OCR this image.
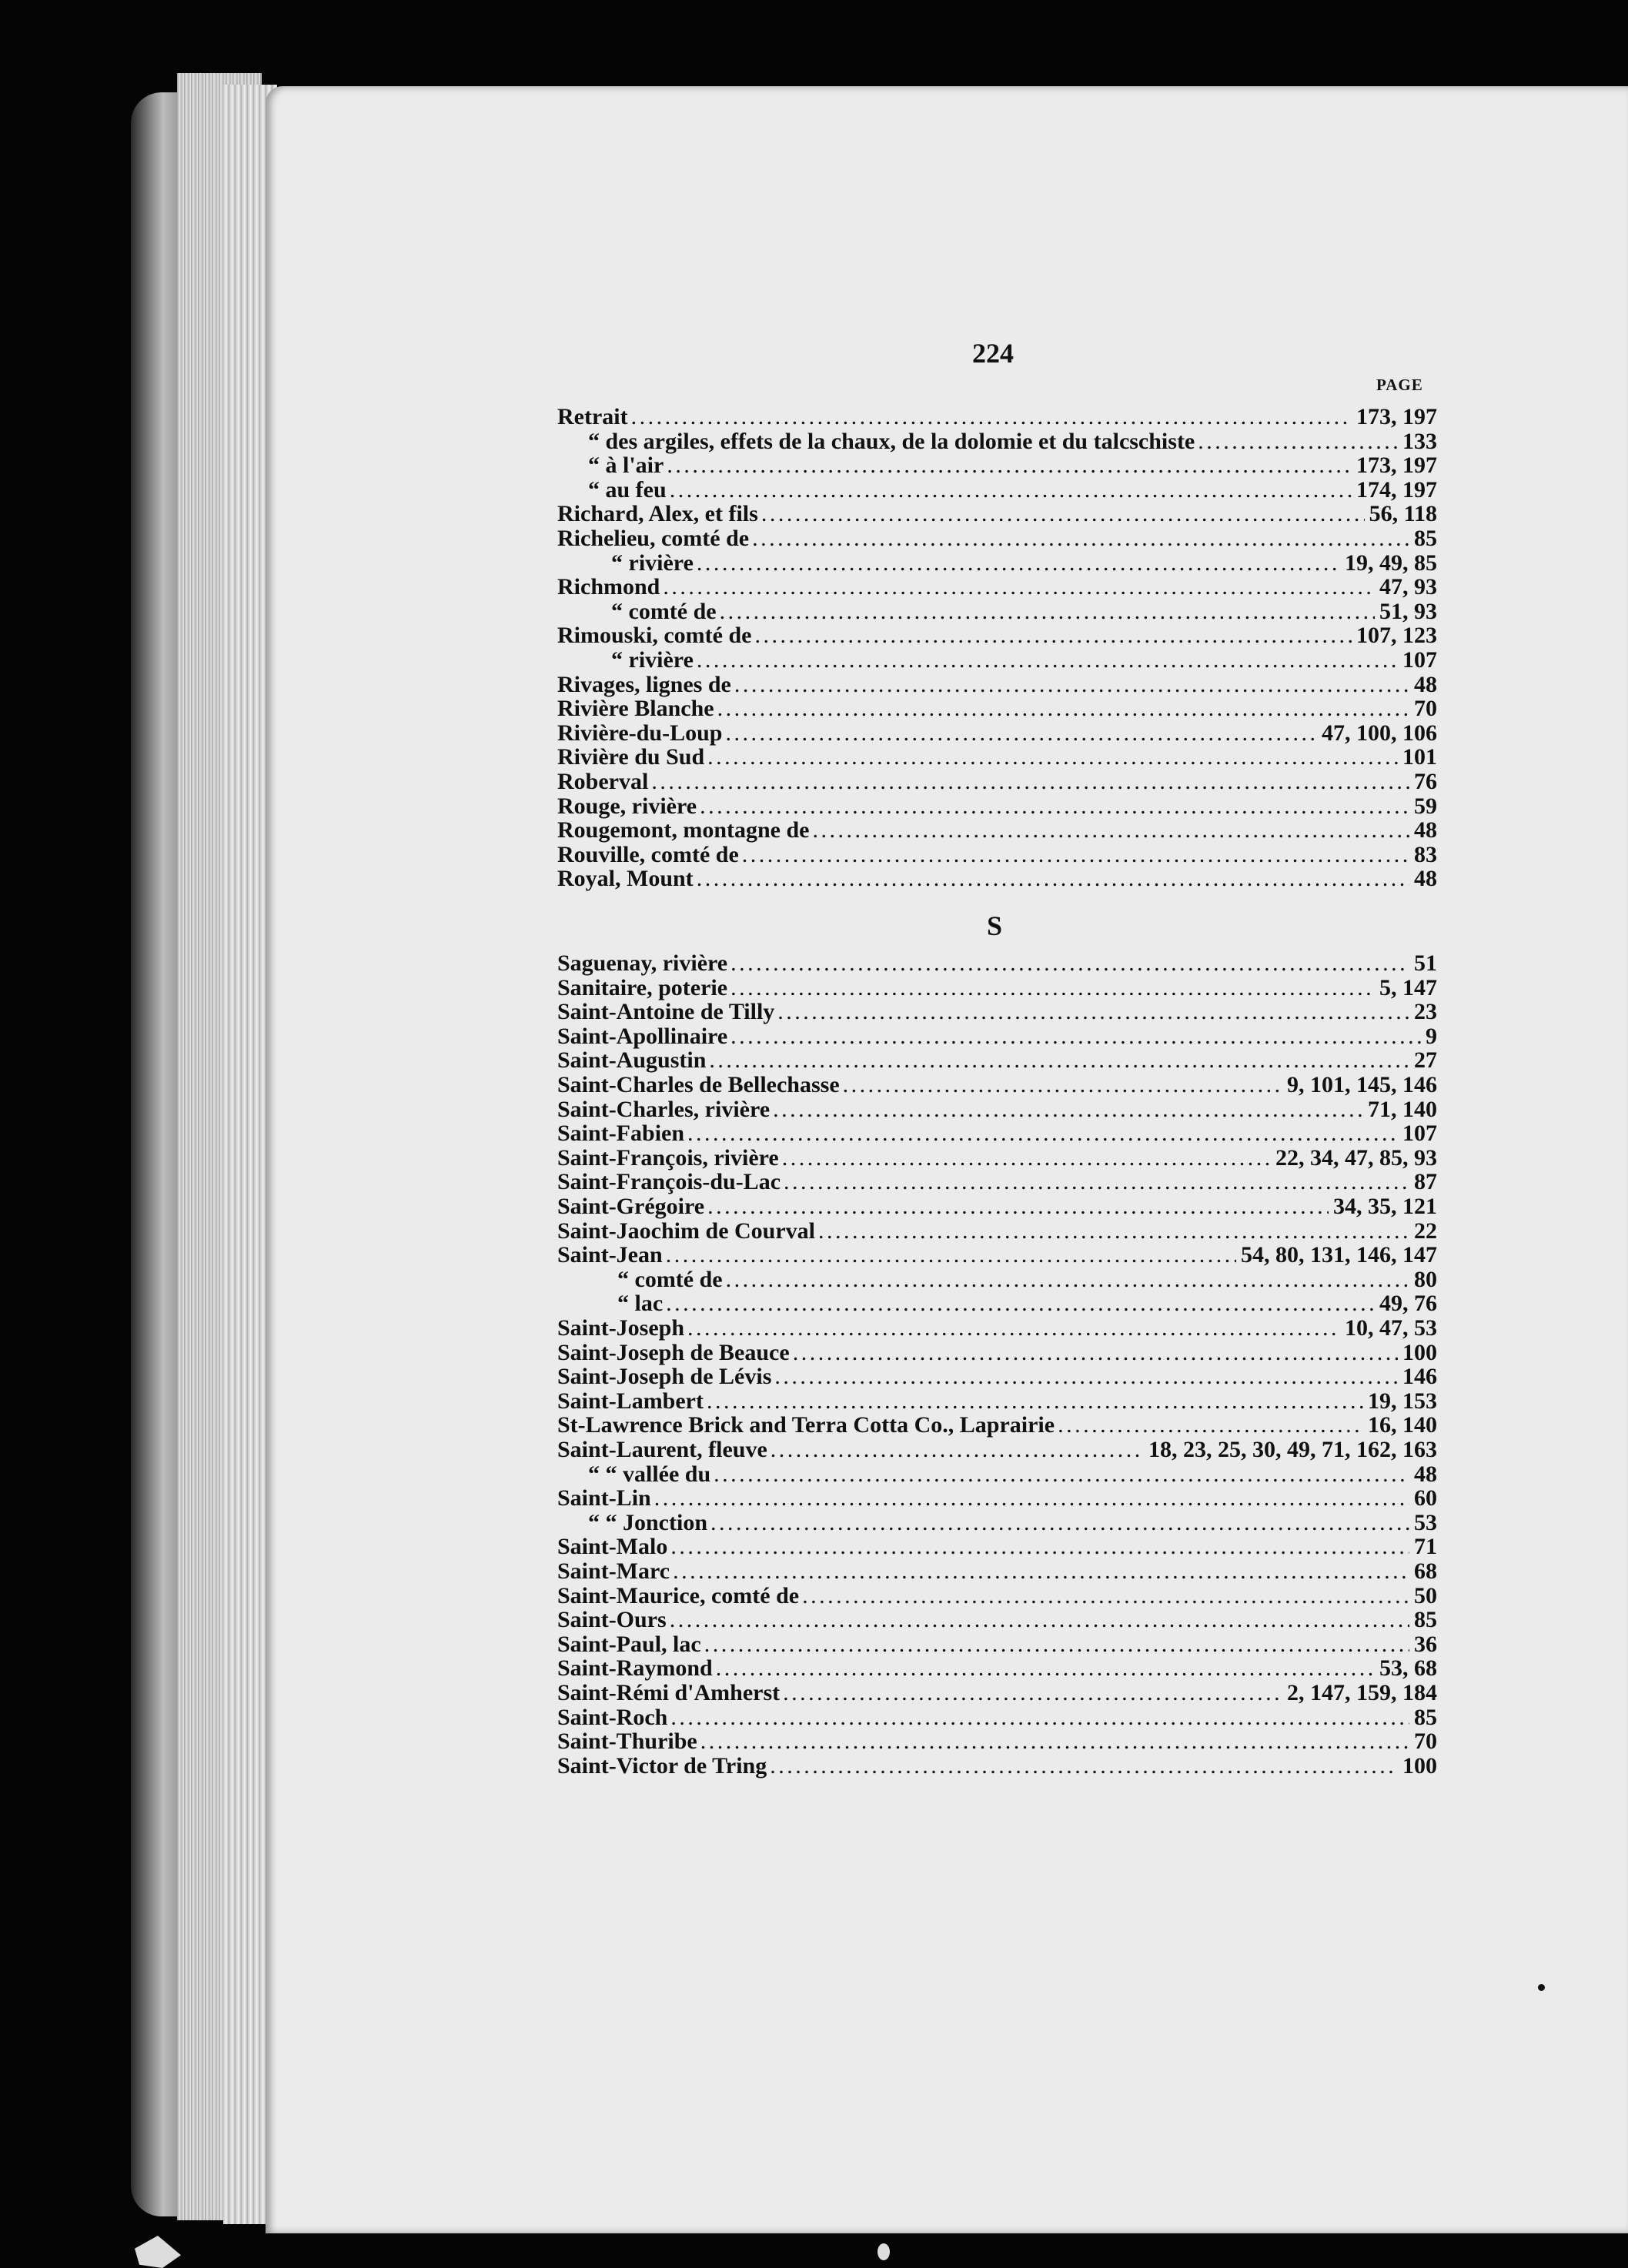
224
PAGE
Retrait . . .	173, 197
“ des argiles, effets de la chaux, de la dolomie et du talcschiste . . .	133
“ à l'air . . .	173, 197
“ au feu . . .	174, 197
Richard, Alex, et fils . . .	56, 118
Richelieu, comté de . . .	85
“ rivière . . .	19, 49, 85
Richmond . . .	47, 93
“ comté de . . .	51, 93
Rimouski, comté de . . .	107, 123
“ rivière . . .	107
Rivages, lignes de . . .	48
Rivière Blanche . . .	70
Rivière-du-Loup . . .	47, 100, 106
Rivière du Sud . . .	101
Roberval . . .	76
Rouge, rivière . . .	59
Rougemont, montagne de . . .	48
Rouville, comté de . . .	83
Royal, Mount . . .	48
Saguenay, rivière . . .	51
Sanitaire, poterie . . .	5, 147
Saint-Antoine de Tilly . . .	23
Saint-Apollinaire . . .	9
Saint-Augustin . . .	27
Saint-Charles de Bellechasse . . .	9, 101, 145, 146
Saint-Charles, rivière . . .	71, 140
Saint-Fabien . . .	107
Saint-François, rivière . . .	22, 34, 47, 85, 93
Saint-François-du-Lac . . .	87
Saint-Grégoire . . .	34, 35, 121
Saint-Jaochim de Courval . . .	22
Saint-Jean . . .	54, 80, 131, 146, 147
“ comté de . . .	80
“ lac . . .	49, 76
Saint-Joseph . . .	10, 47, 53
Saint-Joseph de Beauce . . .	100
Saint-Joseph de Lévis . . .	146
Saint-Lambert . . .	19, 153
St-Lawrence Brick and Terra Cotta Co., Laprairie . . .	16, 140
Saint-Laurent, fleuve . . .	18, 23, 25, 30, 49, 71, 162, 163
“ “ vallée du . . .	48
Saint-Lin . . .	60
“ “ Jonction . . .	53
Saint-Malo . . .	71
Saint-Marc . . .	68
Saint-Maurice, comté de . . .	50
Saint-Ours . . .	85
Saint-Paul, lac . . .	36
Saint-Raymond . . .	53, 68
Saint-Rémi d'Amherst . . .	2, 147, 159, 184
Saint-Roch . . .	85
Saint-Thuribe . . .	70
Saint-Victor de Tring . . .	100
S
